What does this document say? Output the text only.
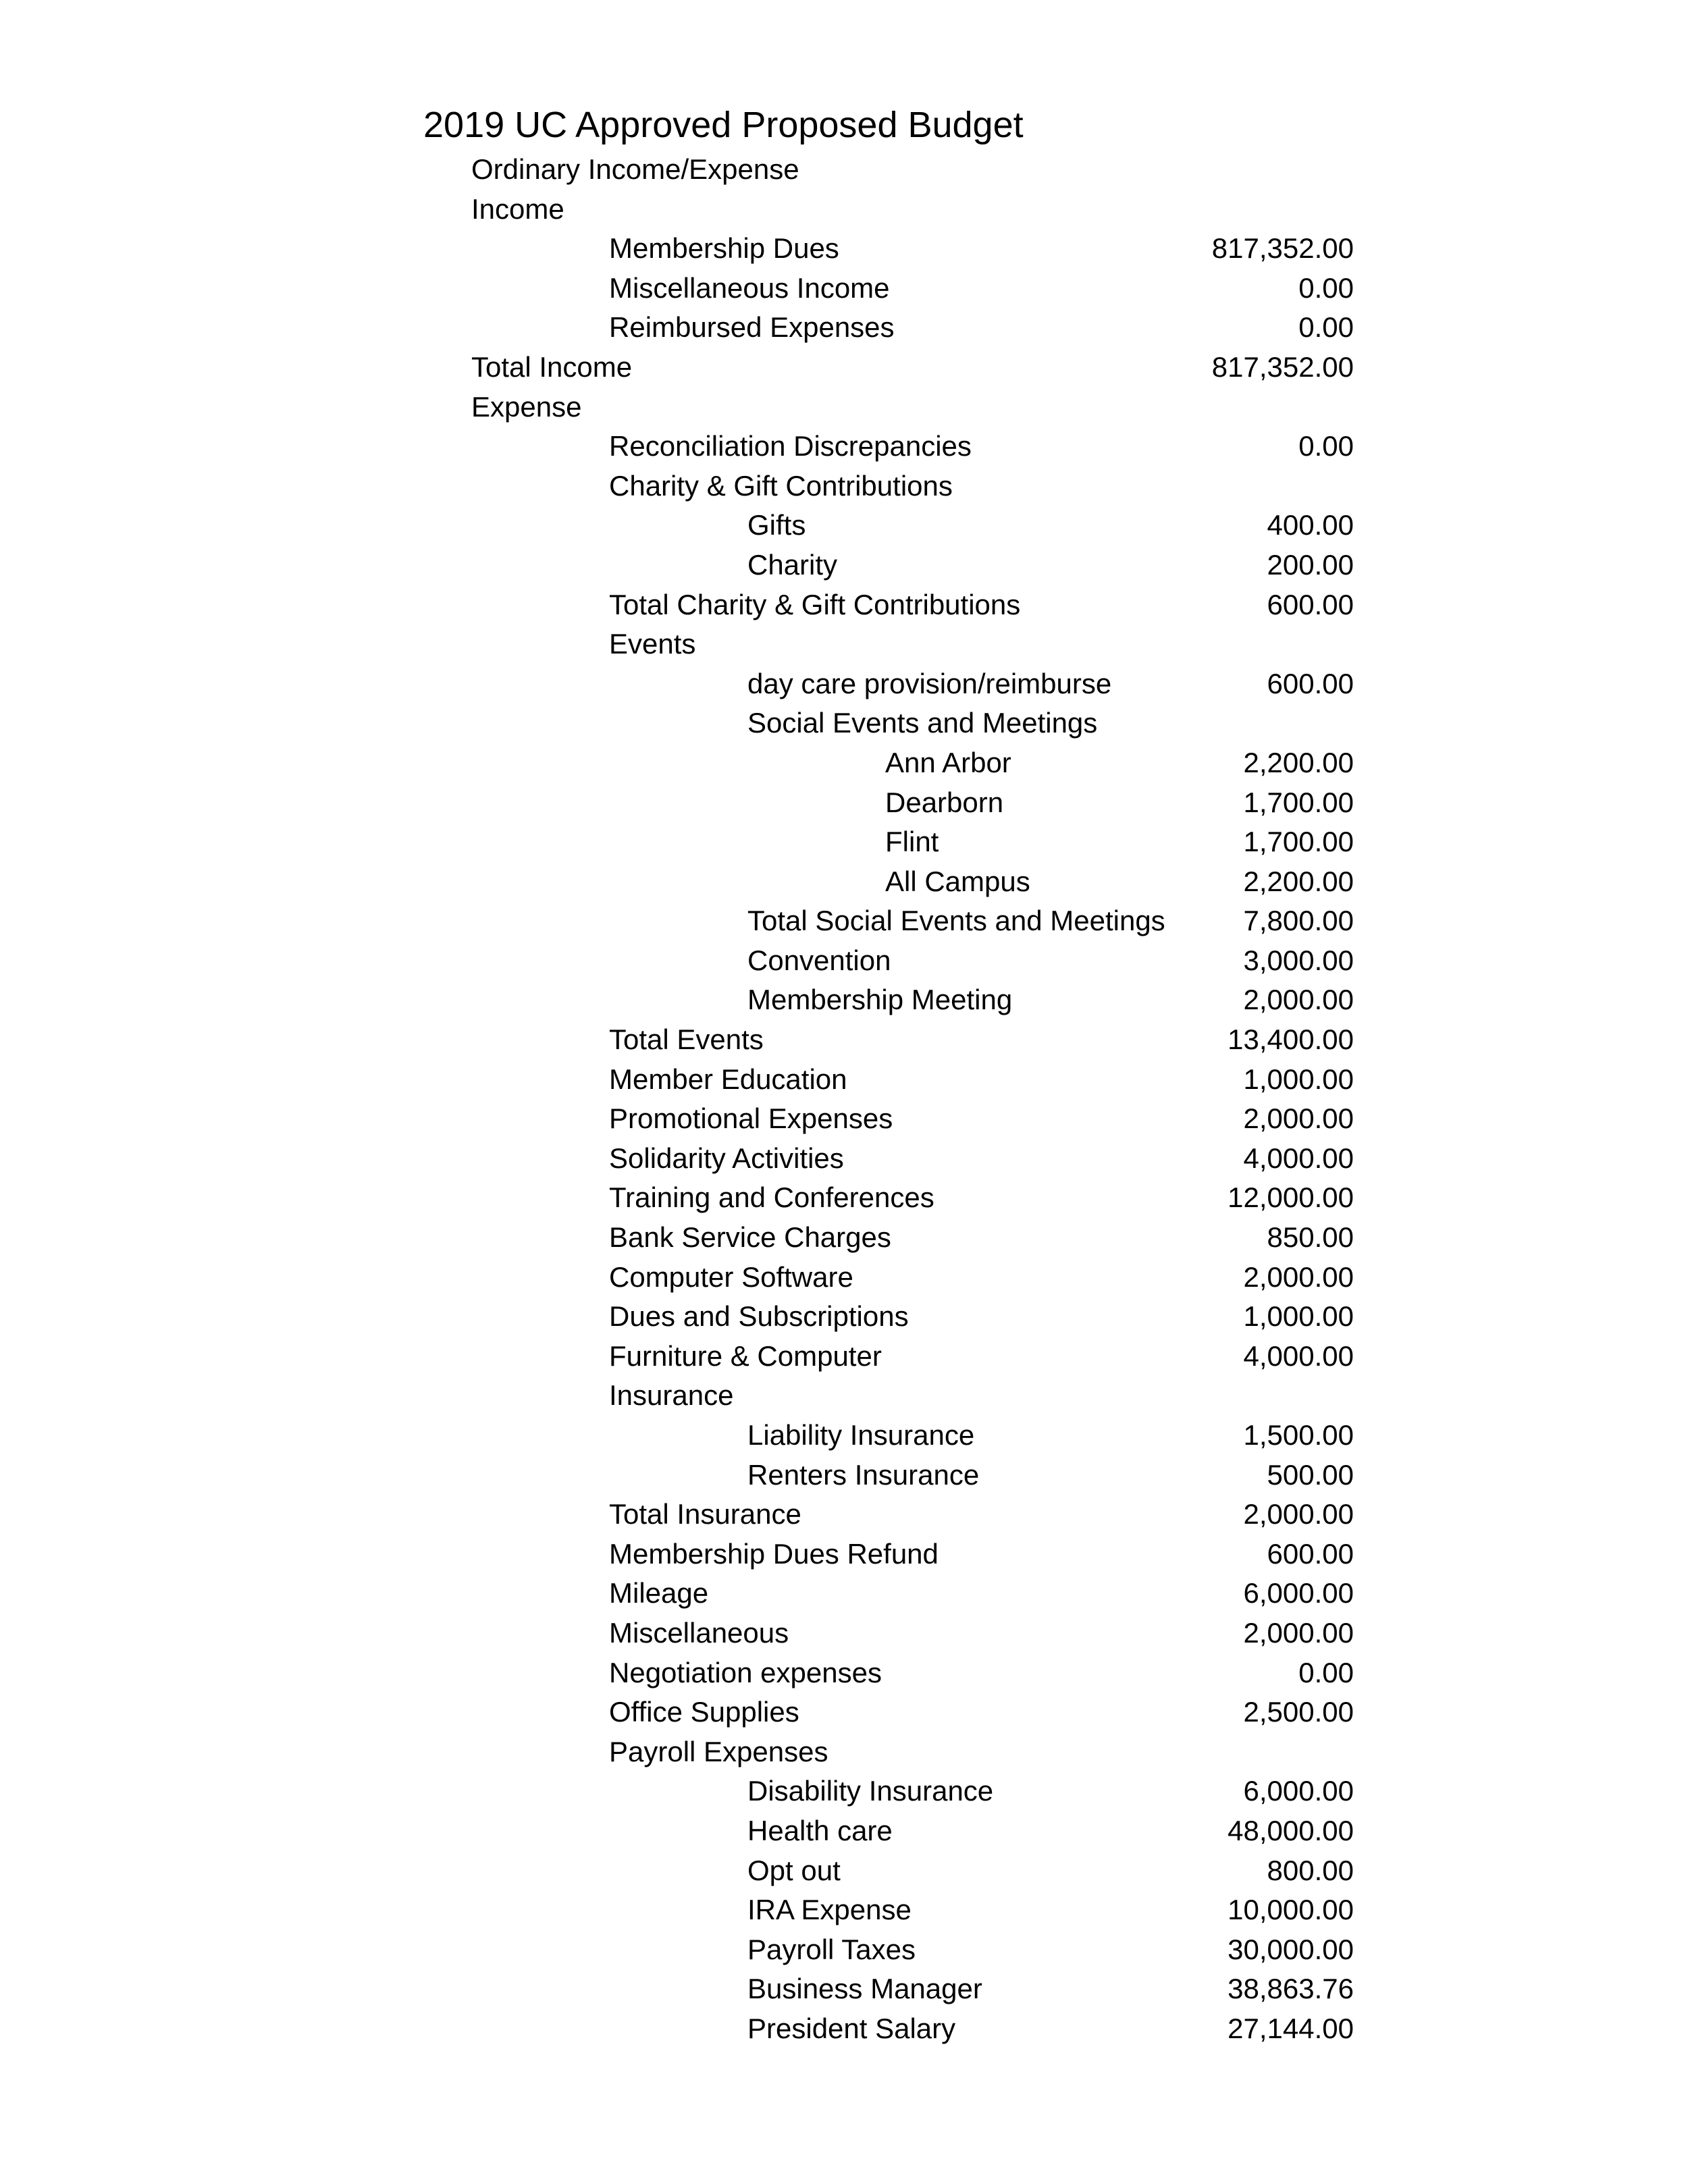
2019 UC Approved Proposed Budget
Ordinary Income/Expense
Income
Membership Dues	817,352.00
Miscellaneous Income	0.00
Reimbursed Expenses	0.00
Total Income	817,352.00
Expense
Reconciliation Discrepancies	0.00
Charity & Gift Contributions
Gifts	400.00
Charity	200.00
Total Charity & Gift Contributions	600.00
Events
day care provision/reimburse	600.00
Social Events and Meetings
Ann Arbor	2,200.00
Dearborn	1,700.00
Flint	1,700.00
All Campus	2,200.00
Total Social Events and Meetings	7,800.00
Convention	3,000.00
Membership Meeting	2,000.00
Total Events	13,400.00
Member Education	1,000.00
Promotional Expenses	2,000.00
Solidarity Activities	4,000.00
Training and Conferences	12,000.00
Bank Service Charges	850.00
Computer Software	2,000.00
Dues and Subscriptions	1,000.00
Furniture & Computer	4,000.00
Insurance
Liability Insurance	1,500.00
Renters Insurance	500.00
Total Insurance	2,000.00
Membership Dues Refund	600.00
Mileage	6,000.00
Miscellaneous	2,000.00
Negotiation expenses	0.00
Office Supplies	2,500.00
Payroll Expenses
Disability Insurance	6,000.00
Health care	48,000.00
Opt out	800.00
IRA Expense	10,000.00
Payroll Taxes	30,000.00
Business Manager	38,863.76
President Salary	27,144.00
